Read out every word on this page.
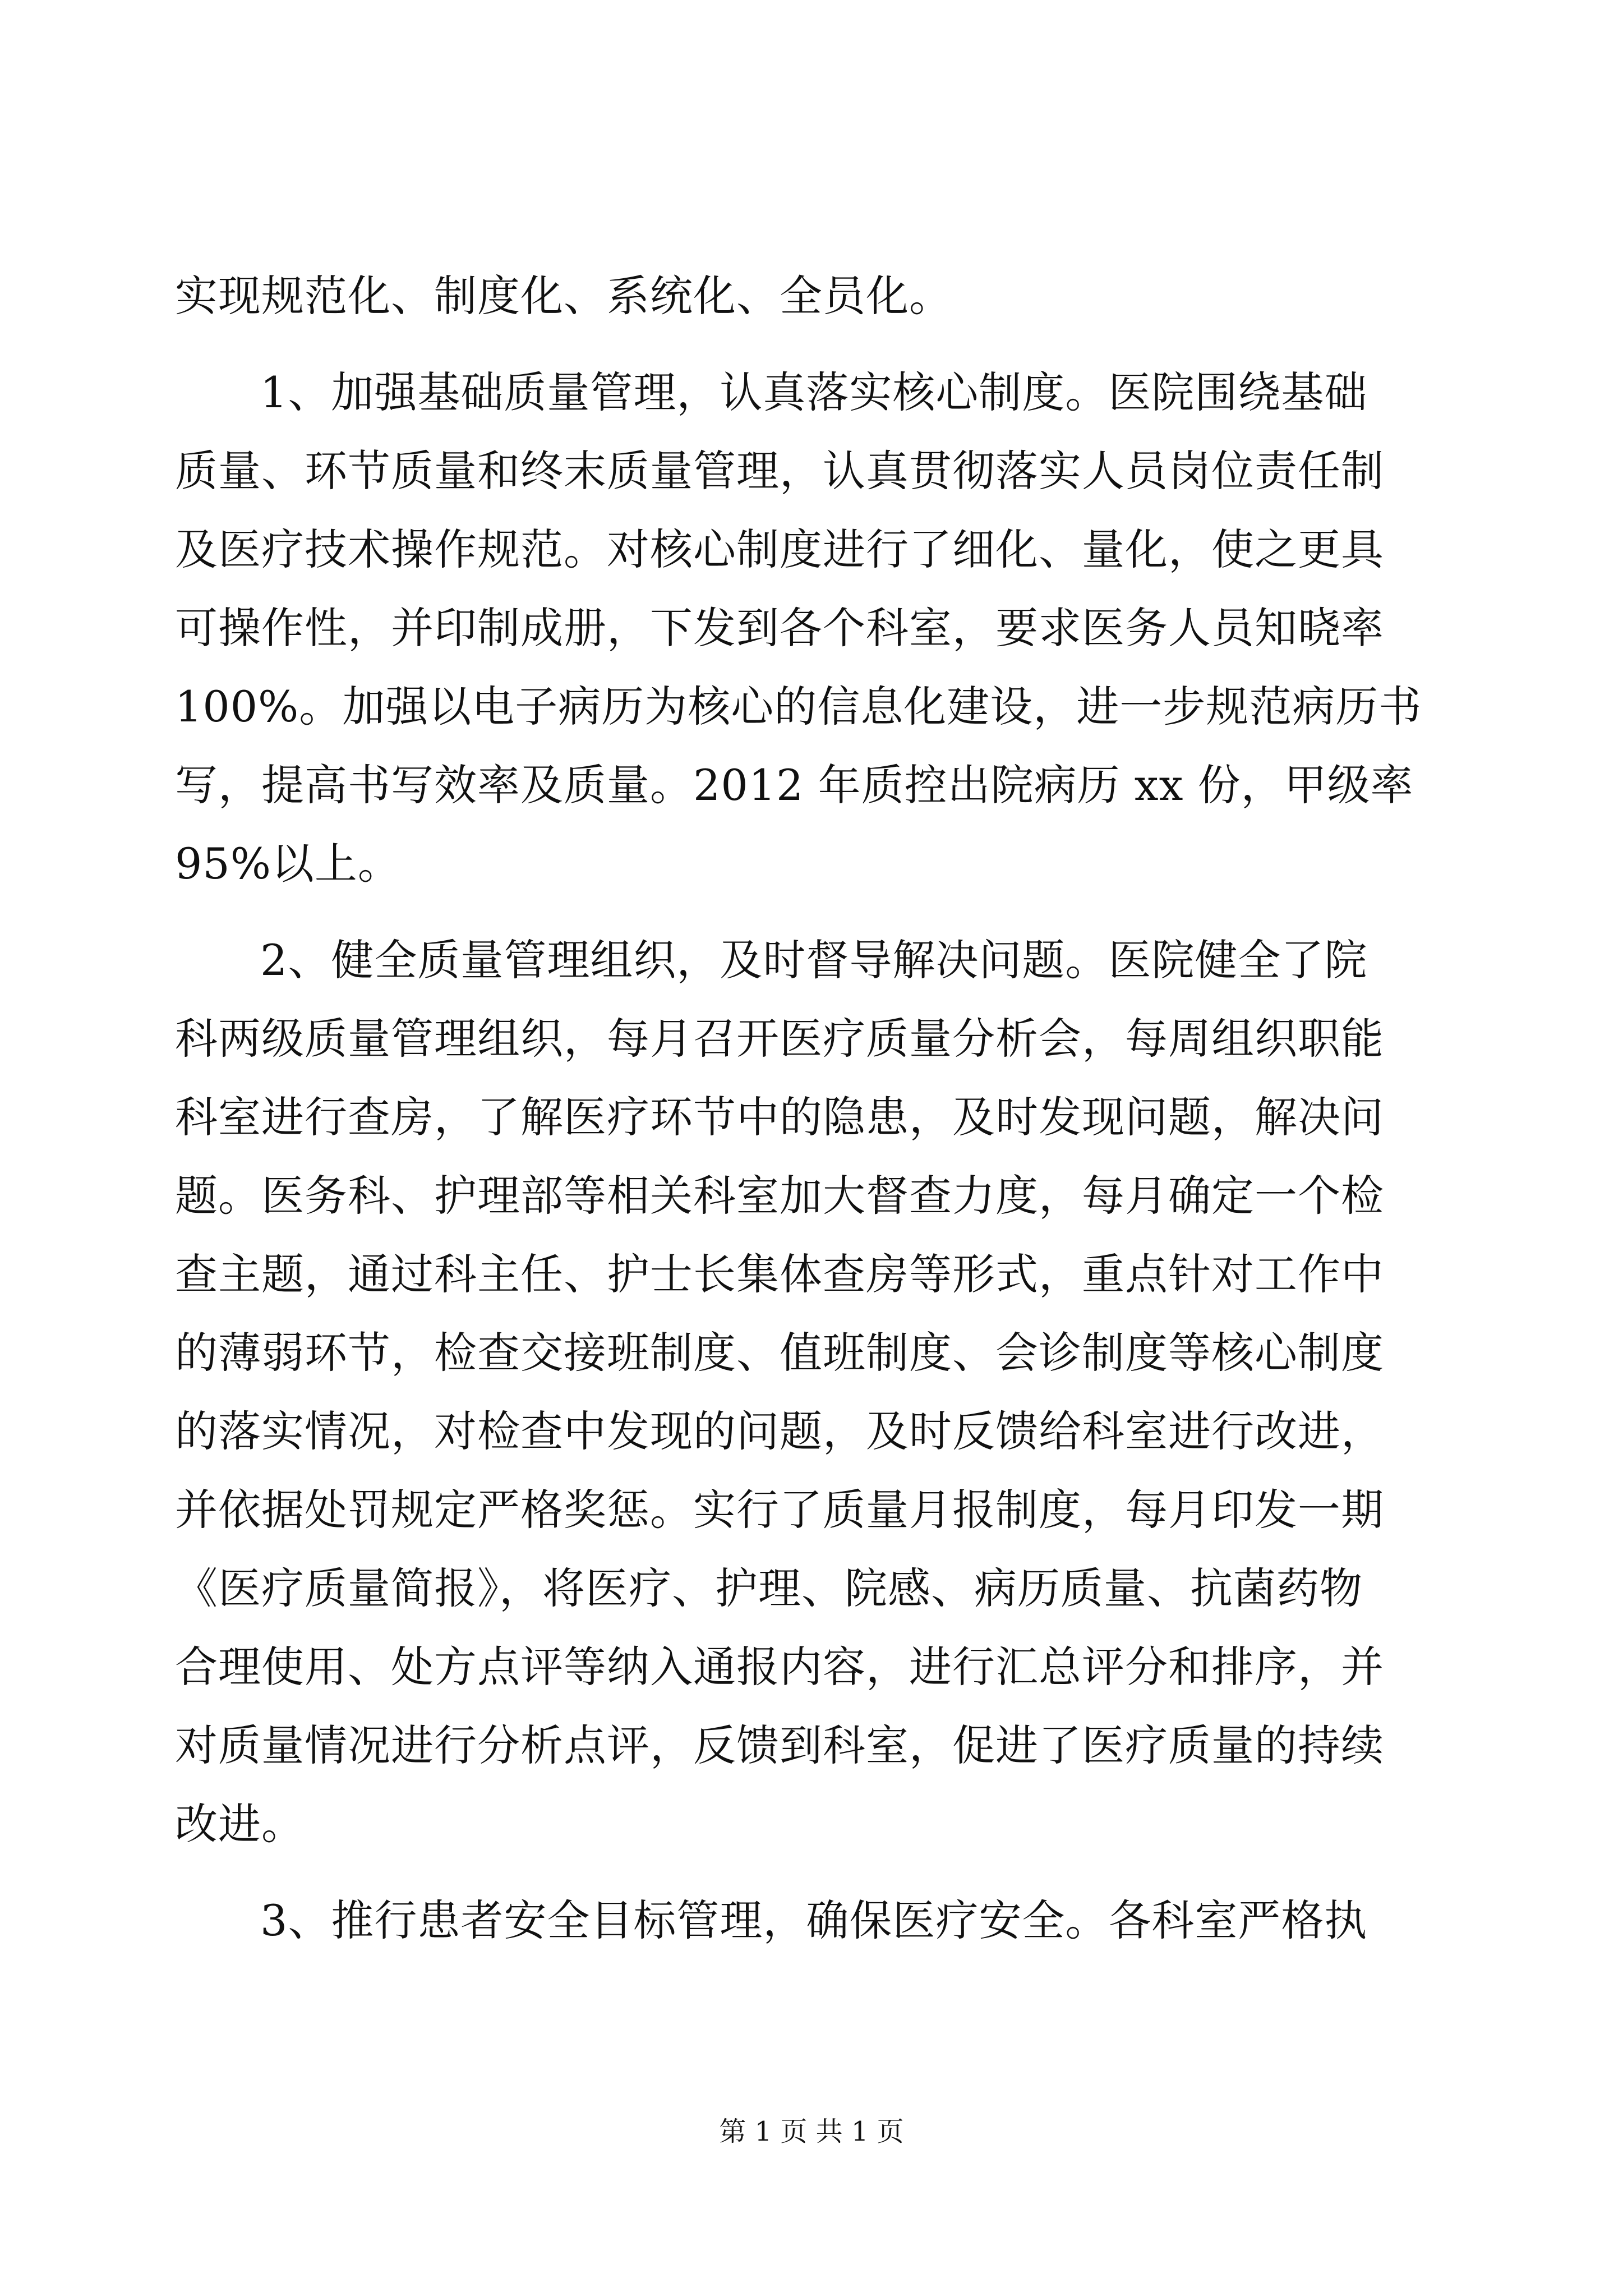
实现规范化、制度化、系统化、全员化。
1、加强基础质量管理，认真落实核心制度。医院围绕基础
质量、环节质量和终末质量管理，认真贯彻落实人员岗位责任制
及医疗技术操作规范。对核心制度进行了细化、量化，使之更具
可操作性，并印制成册，下发到各个科室，要求医务人员知晓率
100%。加强以电子病历为核心的信息化建设，进一步规范病历书
写，提高书写效率及质量。2012 年质控出院病历 xx 份，甲级率
95%以上。
2、健全质量管理组织，及时督导解决问题。医院健全了院
科两级质量管理组织，每月召开医疗质量分析会，每周组织职能
科室进行查房，了解医疗环节中的隐患，及时发现问题，解决问
题。医务科、护理部等相关科室加大督查力度，每月确定一个检
查主题，通过科主任、护士长集体查房等形式，重点针对工作中
的薄弱环节，检查交接班制度、值班制度、会诊制度等核心制度
的落实情况，对检查中发现的问题，及时反馈给科室进行改进，
并依据处罚规定严格奖惩。实行了质量月报制度，每月印发一期
《医疗质量简报》，将医疗、护理、院感、病历质量、抗菌药物
合理使用、处方点评等纳入通报内容，进行汇总评分和排序，并
对质量情况进行分析点评，反馈到科室，促进了医疗质量的持续
改进。
3、推行患者安全目标管理，确保医疗安全。各科室严格执
第 1 页 共 1 页
